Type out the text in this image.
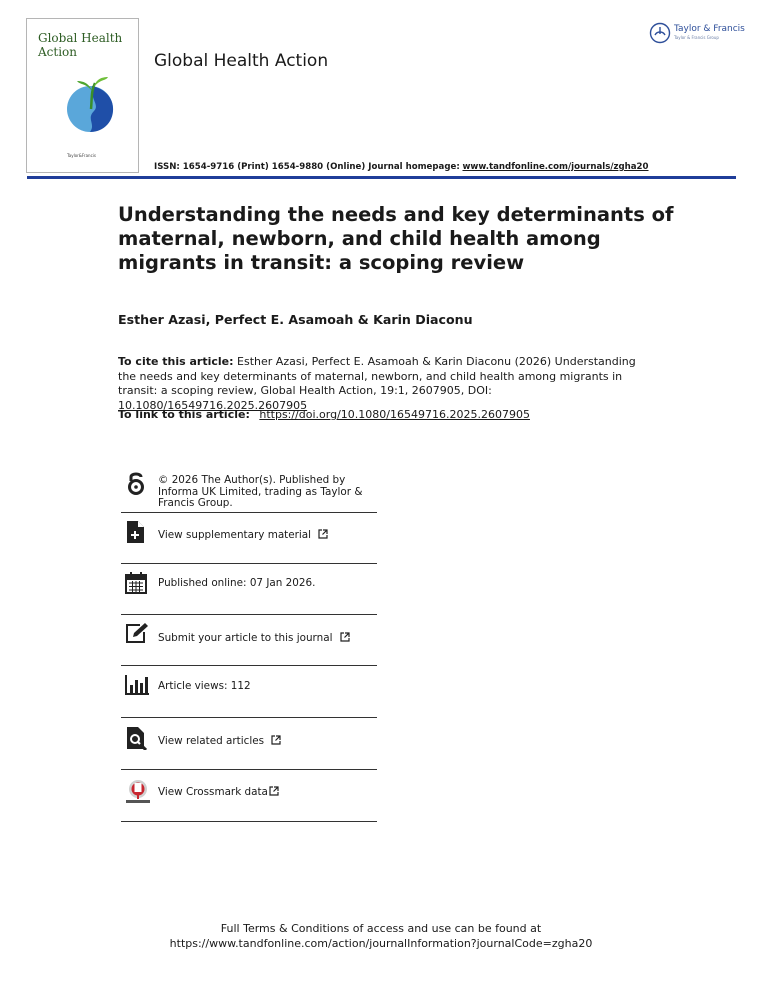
Global Health
Action
Taylor&Francis
Global Health Action
Taylor & Francis
Taylor & Francis Group
ISSN: 1654-9716 (Print) 1654-9880 (Online) Journal homepage: www.tandfonline.com/journals/zgha20
Understanding the needs and key determinants of maternal, newborn, and child health among migrants in transit: a scoping review
Esther Azasi, Perfect E. Asamoah & Karin Diaconu
To cite this article: Esther Azasi, Perfect E. Asamoah & Karin Diaconu (2026) Understanding the needs and key determinants of maternal, newborn, and child health among migrants in transit: a scoping review, Global Health Action, 19:1, 2607905, DOI: 10.1080/16549716.2025.2607905
To link to this article: https://doi.org/10.1080/16549716.2025.2607905
© 2026 The Author(s). Published by Informa UK Limited, trading as Taylor & Francis Group.
View supplementary material
Published online: 07 Jan 2026.
Submit your article to this journal
Article views: 112
View related articles
View Crossmark data
Full Terms & Conditions of access and use can be found at
https://www.tandfonline.com/action/journalInformation?journalCode=zgha20
